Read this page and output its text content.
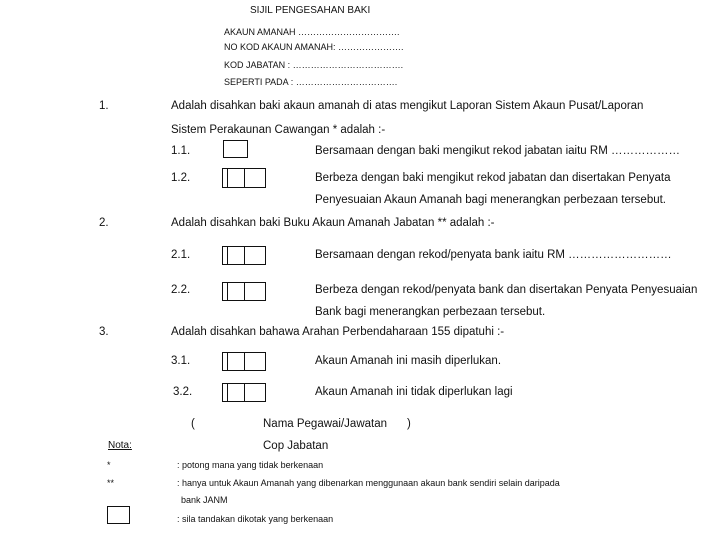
SIJIL PENGESAHAN BAKI
AKAUN AMANAH …………………………….
NO KOD AKAUN AMANAH: ………………….
KOD JABATAN : ……………………………….
SEPERTI PADA : …………………………….
1.	Adalah disahkan baki akaun amanah di atas mengikut Laporan Sistem Akaun Pusat/Laporan
Sistem Perakaunan Cawangan * adalah :-
1.1.	Bersamaan dengan baki mengikut rekod jabatan iaitu RM ………………
1.2.	Berbeza dengan baki mengikut rekod jabatan dan disertakan Penyata
Penyesuaian Akaun Amanah bagi menerangkan perbezaan tersebut.
2.	Adalah disahkan baki Buku Akaun Amanah Jabatan ** adalah :-
2.1.	Bersamaan dengan rekod/penyata bank iaitu RM ………………………
2.2.	Berbeza dengan rekod/penyata bank dan disertakan Penyata Penyesuaian
Bank bagi menerangkan perbezaan tersebut.
3.	Adalah disahkan bahawa Arahan Perbendaharaan 155 dipatuhi :-
3.1.	Akaun Amanah ini masih diperlukan.
3.2.	Akaun Amanah ini tidak diperlukan lagi
(	Nama Pegawai/Jawatan )
Cop Jabatan
Nota:
*	: potong mana yang tidak berkenaan
**	: hanya untuk Akaun Amanah yang dibenarkan menggunaan akaun bank sendiri selain daripada
bank JANM
: sila tandakan dikotak yang berkenaan
